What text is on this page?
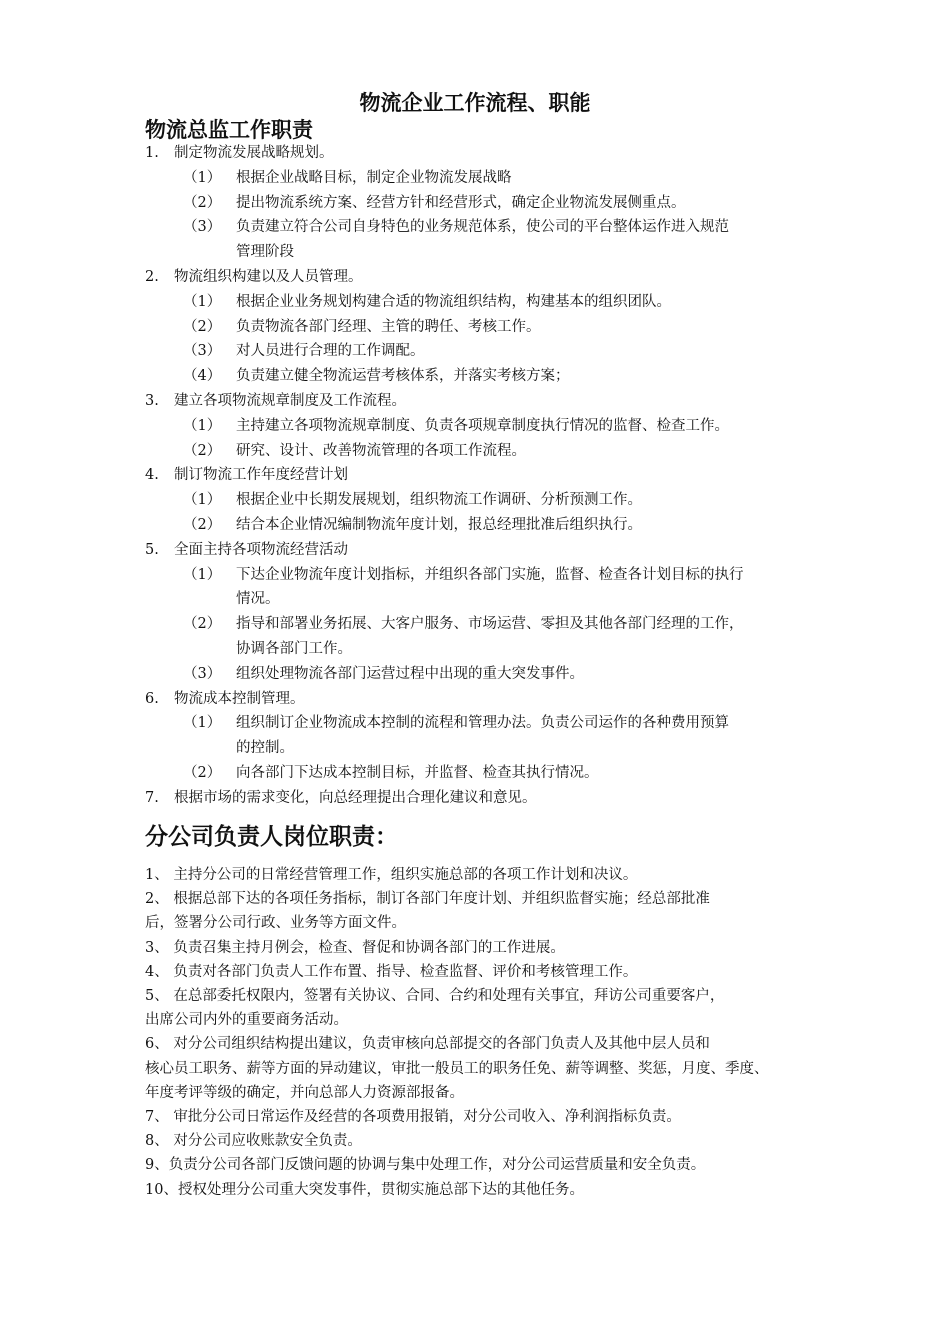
物流企业工作流程、职能
物流总监工作职责
1. 制定物流发展战略规划。
（1） 根据企业战略目标，制定企业物流发展战略
（2） 提出物流系统方案、经营方针和经营形式，确定企业物流发展侧重点。
（3） 负责建立符合公司自身特色的业务规范体系，使公司的平台整体运作进入规范
管理阶段
2. 物流组织构建以及人员管理。
（1） 根据企业业务规划构建合适的物流组织结构，构建基本的组织团队。
（2） 负责物流各部门经理、主管的聘任、考核工作。
（3） 对人员进行合理的工作调配。
（4） 负责建立健全物流运营考核体系，并落实考核方案；
3. 建立各项物流规章制度及工作流程。
（1） 主持建立各项物流规章制度、负责各项规章制度执行情况的监督、检查工作。
（2） 研究、设计、改善物流管理的各项工作流程。
4. 制订物流工作年度经营计划
（1） 根据企业中长期发展规划，组织物流工作调研、分析预测工作。
（2） 结合本企业情况编制物流年度计划，报总经理批准后组织执行。
5. 全面主持各项物流经营活动
（1） 下达企业物流年度计划指标，并组织各部门实施，监督、检查各计划目标的执行
情况。
（2） 指导和部署业务拓展、大客户服务、市场运营、零担及其他各部门经理的工作，
协调各部门工作。
（3） 组织处理物流各部门运营过程中出现的重大突发事件。
6. 物流成本控制管理。
（1） 组织制订企业物流成本控制的流程和管理办法。负责公司运作的各种费用预算
的控制。
（2） 向各部门下达成本控制目标，并监督、检查其执行情况。
7. 根据市场的需求变化，向总经理提出合理化建议和意见。
分公司负责人岗位职责：
1、 主持分公司的日常经营管理工作，组织实施总部的各项工作计划和决议。
2、 根据总部下达的各项任务指标，制订各部门年度计划、并组织监督实施；经总部批准
后，签署分公司行政、业务等方面文件。
3、 负责召集主持月例会，检查、督促和协调各部门的工作进展。
4、 负责对各部门负责人工作布置、指导、检查监督、评价和考核管理工作。
5、 在总部委托权限内，签署有关协议、合同、合约和处理有关事宜，拜访公司重要客户，
出席公司内外的重要商务活动。
6、 对分公司组织结构提出建议，负责审核向总部提交的各部门负责人及其他中层人员和
核心员工职务、薪等方面的异动建议，审批一般员工的职务任免、薪等调整、奖惩，月度、季度、
年度考评等级的确定，并向总部人力资源部报备。
7、 审批分公司日常运作及经营的各项费用报销，对分公司收入、净利润指标负责。
8、 对分公司应收账款安全负责。
9、负责分公司各部门反馈问题的协调与集中处理工作，对分公司运营质量和安全负责。
10、授权处理分公司重大突发事件，贯彻实施总部下达的其他任务。
